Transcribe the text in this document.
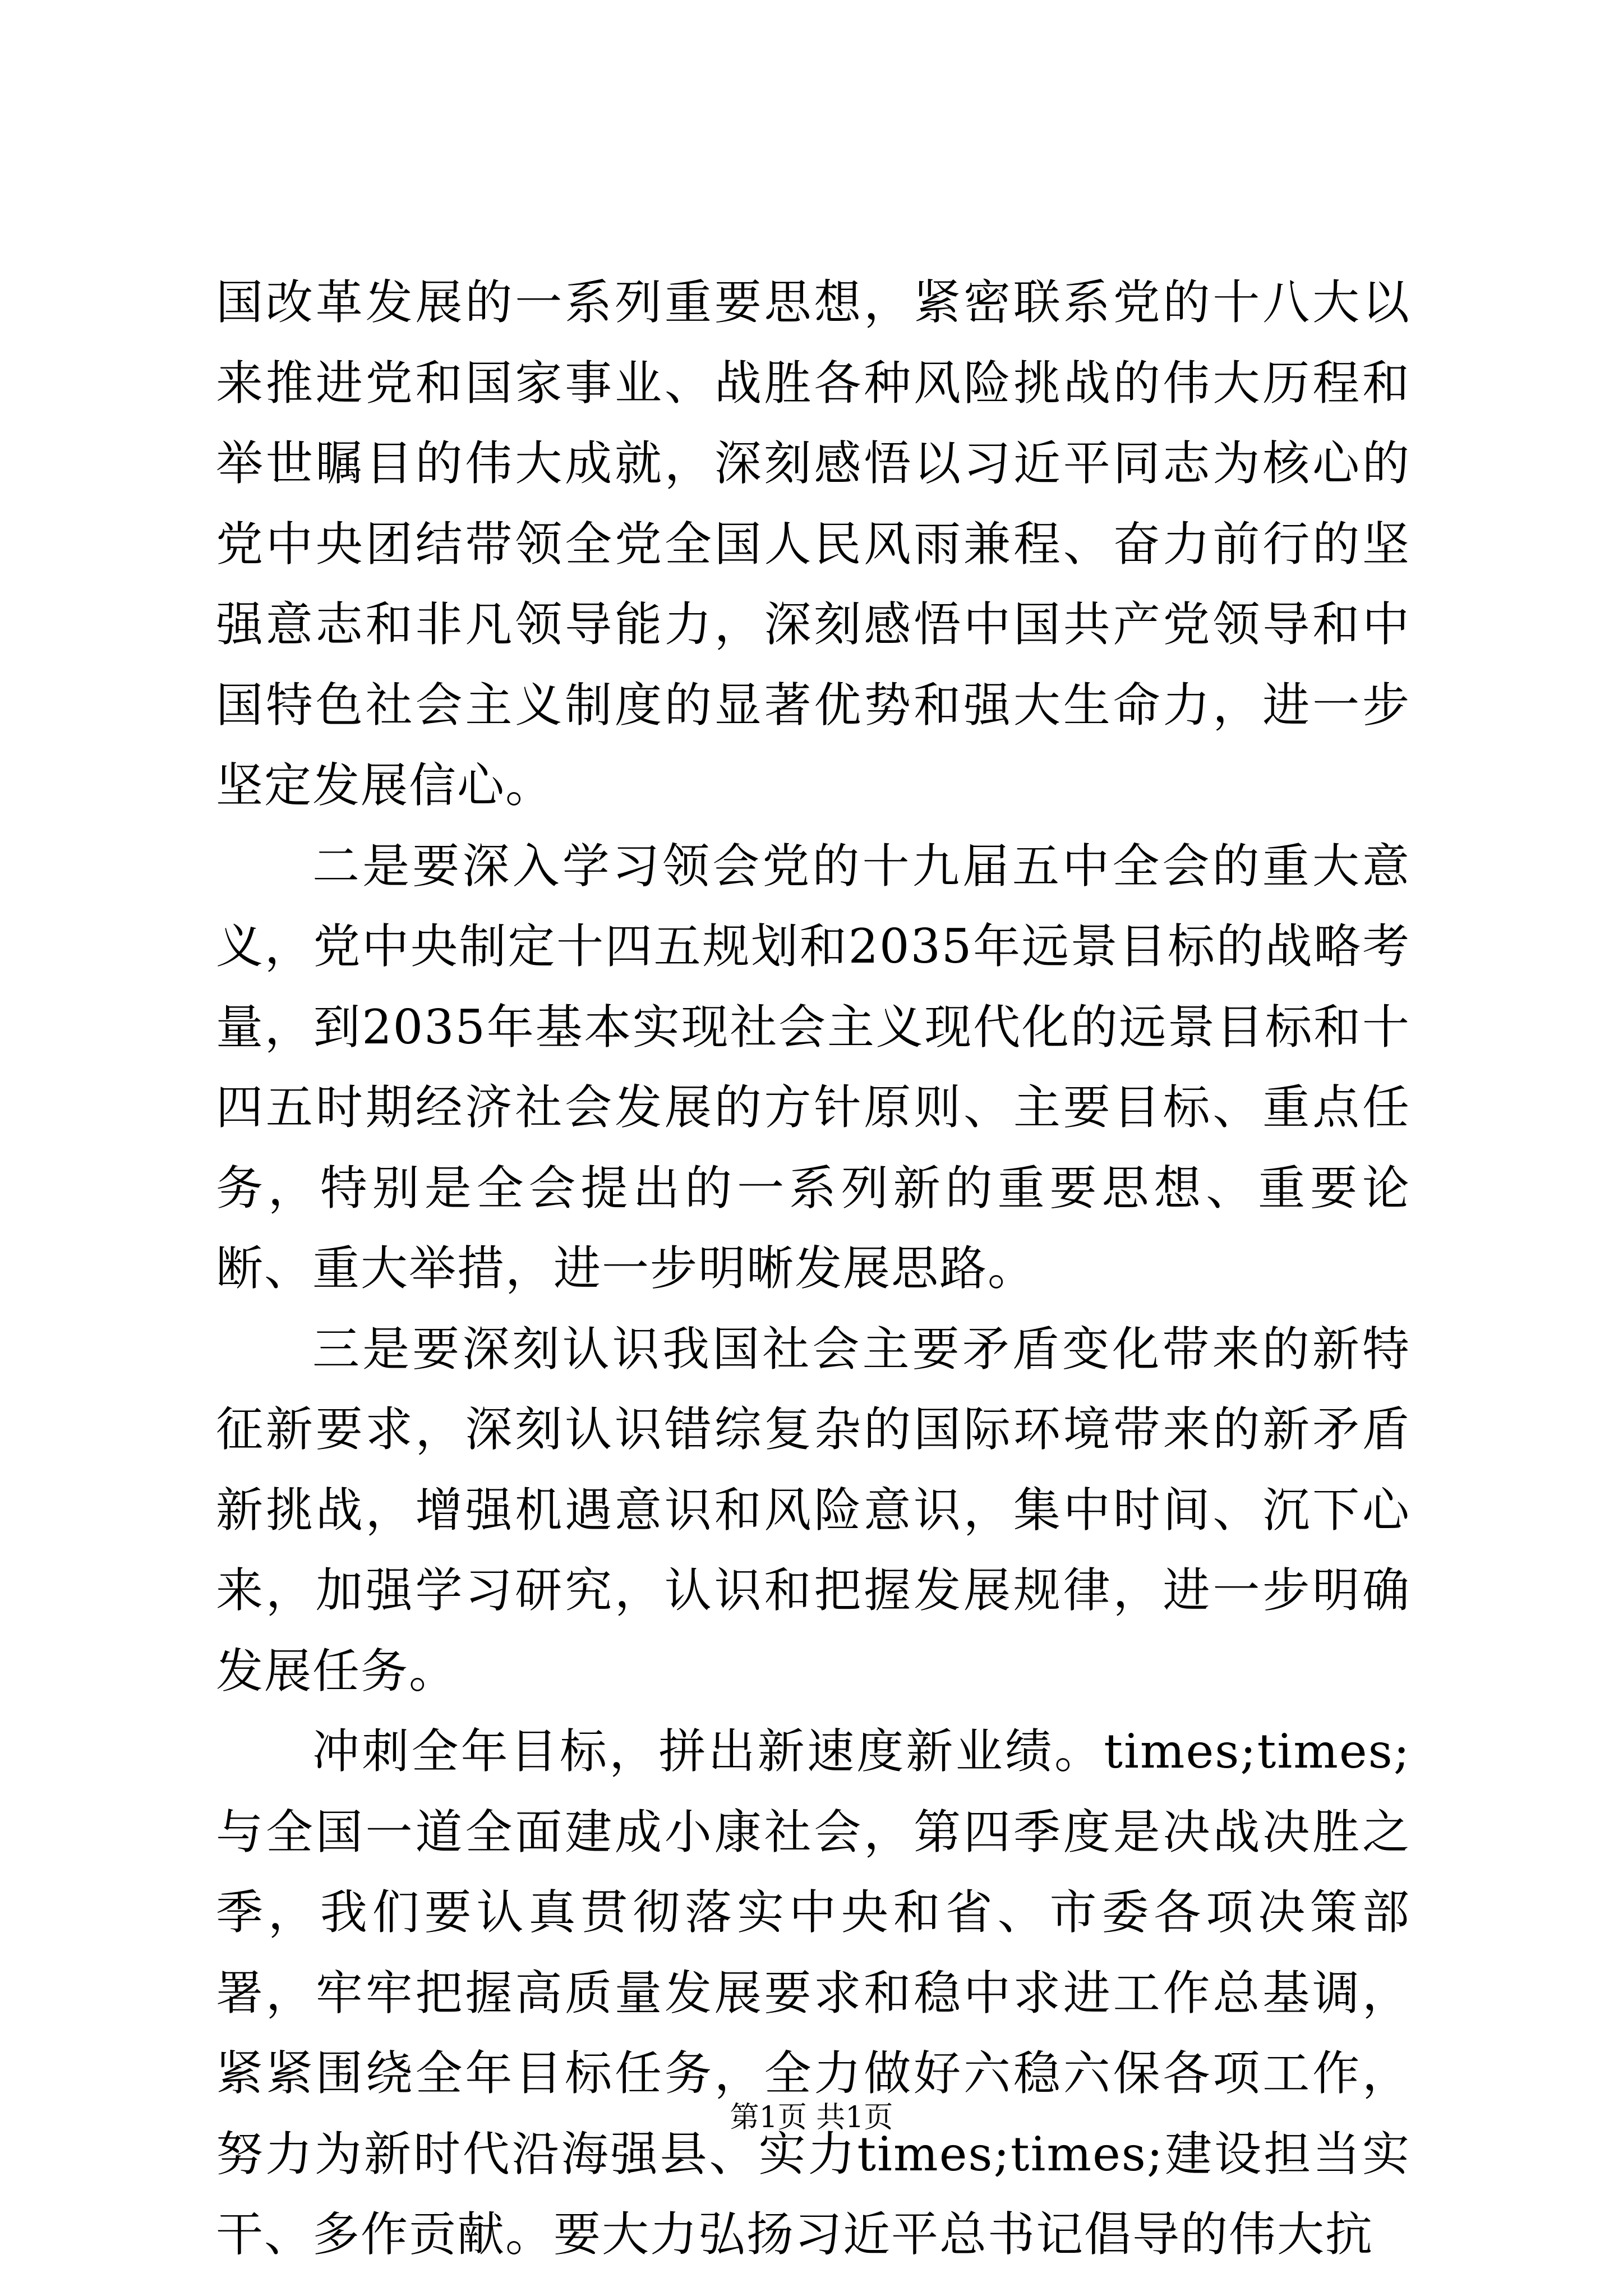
国改革发展的一系列重要思想，紧密联系党的十八大以来推进党和国家事业、战胜各种风险挑战的伟大历程和举世瞩目的伟大成就，深刻感悟以习近平同志为核心的党中央团结带领全党全国人民风雨兼程、奋力前行的坚强意志和非凡领导能力，深刻感悟中国共产党领导和中国特色社会主义制度的显著优势和强大生命力，进一步坚定发展信心。

二是要深入学习领会党的十九届五中全会的重大意义，党中央制定十四五规划和2035年远景目标的战略考量，到2035年基本实现社会主义现代化的远景目标和十四五时期经济社会发展的方针原则、主要目标、重点任务，特别是全会提出的一系列新的重要思想、重要论断、重大举措，进一步明晰发展思路。

三是要深刻认识我国社会主要矛盾变化带来的新特征新要求，深刻认识错综复杂的国际环境带来的新矛盾新挑战，增强机遇意识和风险意识，集中时间、沉下心来，加强学习研究，认识和把握发展规律，进一步明确发展任务。

冲刺全年目标，拼出新速度新业绩。times;times;与全国一道全面建成小康社会，第四季度是决战决胜之季，我们要认真贯彻落实中央和省、市委各项决策部署，牢牢把握高质量发展要求和稳中求进工作总基调，紧紧围绕全年目标任务，全力做好六稳六保各项工作，努力为新时代沿海强县、实力times;times;建设担当实干、多作贡献。要大力弘扬习近平总书记倡导的伟大抗

第1页 共1页
